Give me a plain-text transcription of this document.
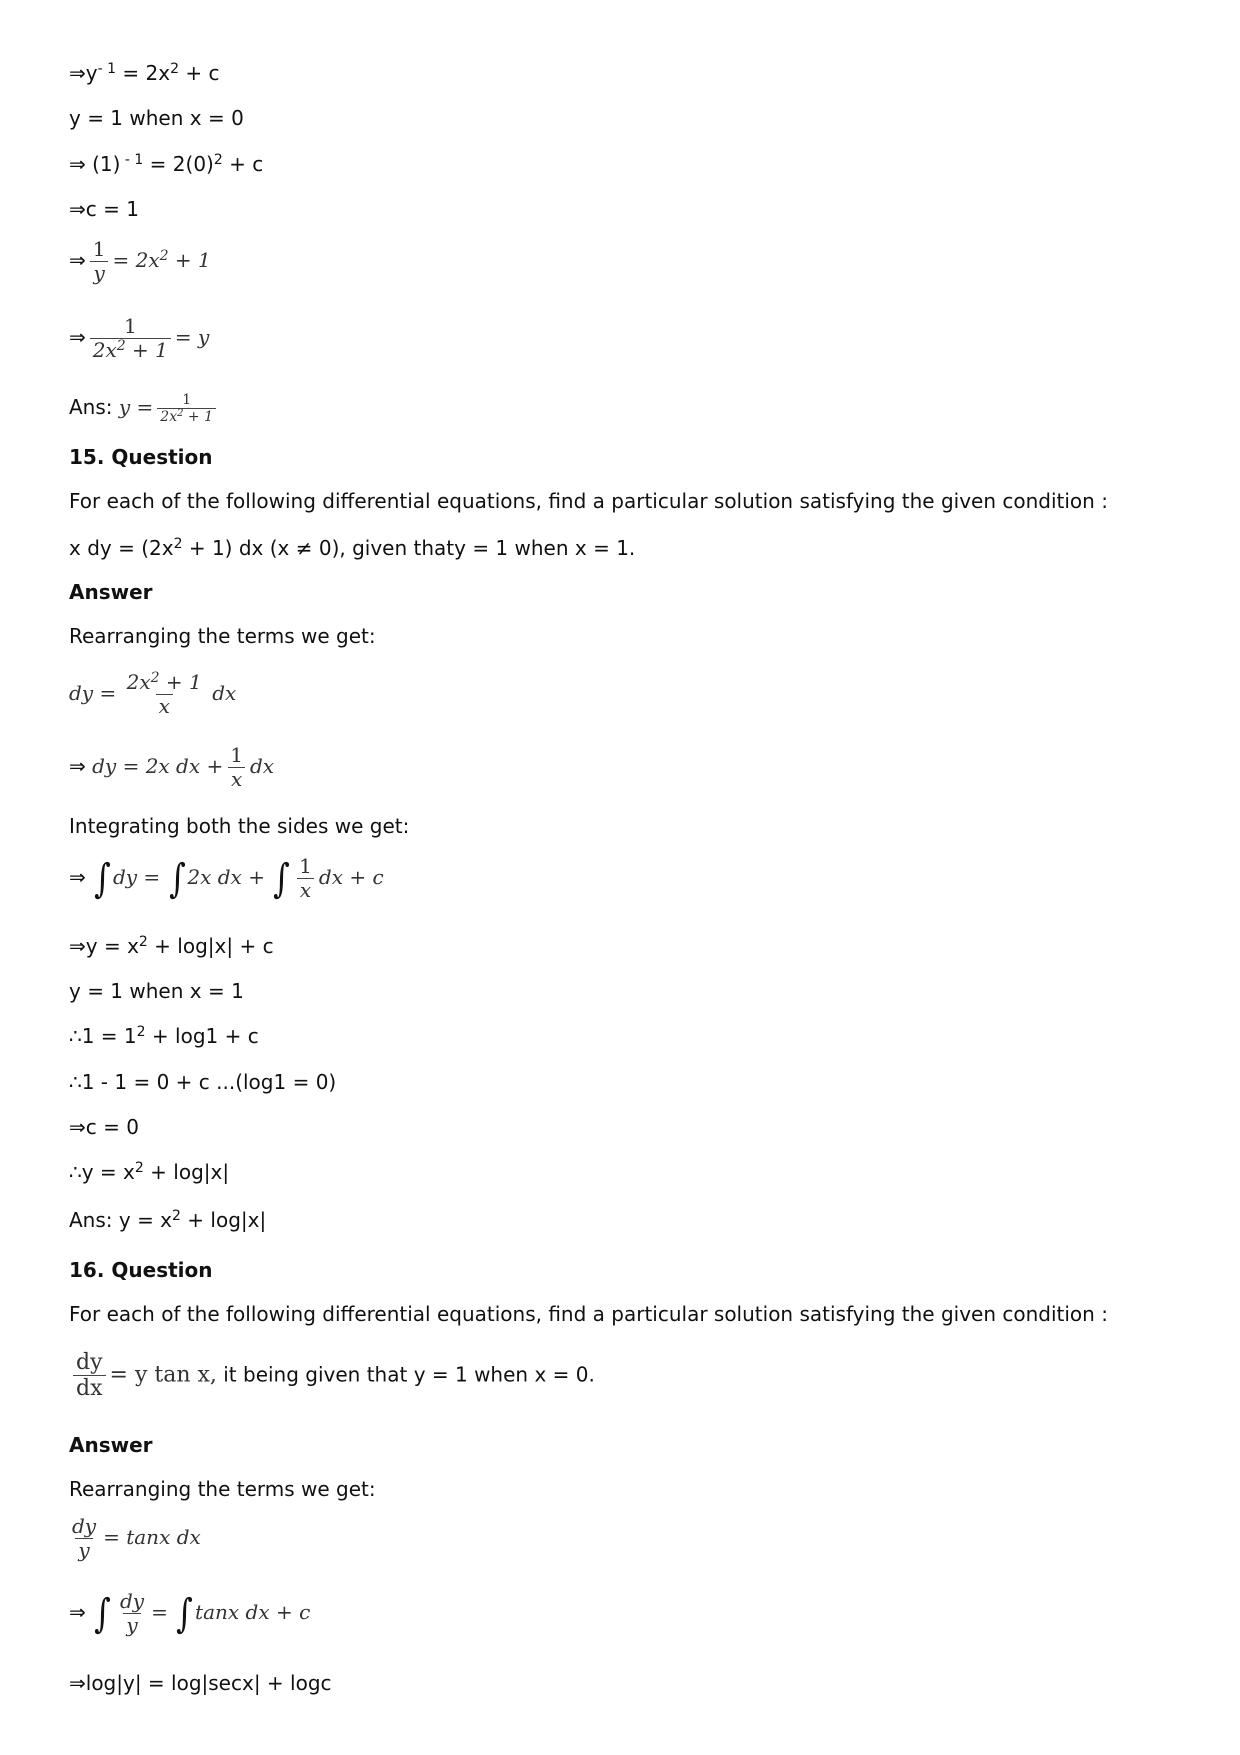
$\Rightarrow y^{- 1} = 2x^2 + c$
y = 1 when x = 0
⇒ (1) $^{- 1} = 2(0)^2 + c$
⇒c = 1
⇒ $\frac{1}{y} = 2x^2 + 1$
⇒ $\frac{1}{2x^2 + 1} = y$
Ans: $y = \frac{1}{2x^2 + 1}$
15. Question
For each of the following differential equations, find a particular solution satisfying the given condition :
x dy = $(2x^2 + 1)$ dx (x ≠ 0), given thaty = 1 when x = 1.
Answer
Rearranging the terms we get:
dy = $\frac{2x^2 + 1}{x}$ dx
⇒ dy = 2x dx + $\frac{1}{x}$ dx
Integrating both the sides we get:
⇒ ∫ dy = ∫ 2x dx + ∫ $\frac{1}{x}$ dx + c
⇒y = $x^2 + \log|x| + c$
y = 1 when x = 1
∴1 = $1^2 + \log 1 + c$
∴1 - 1 = 0 + c ...(log1 = 0)
⇒c = 0
∴y = $x^2 + \log|x|$
Ans: $y = x^2 + \log|x|$
16. Question
For each of the following differential equations, find a particular solution satisfying the given condition :
$\frac{dy}{dx} = y$ tan x, it being given that y = 1 when x = 0.
Answer
Rearranging the terms we get:
$\frac{dy}{y} = \tan x$ dx
⇒ ∫ $\frac{dy}{y}$ = ∫ tanx dx + c
⇒log|y| = log|secx| + logc
